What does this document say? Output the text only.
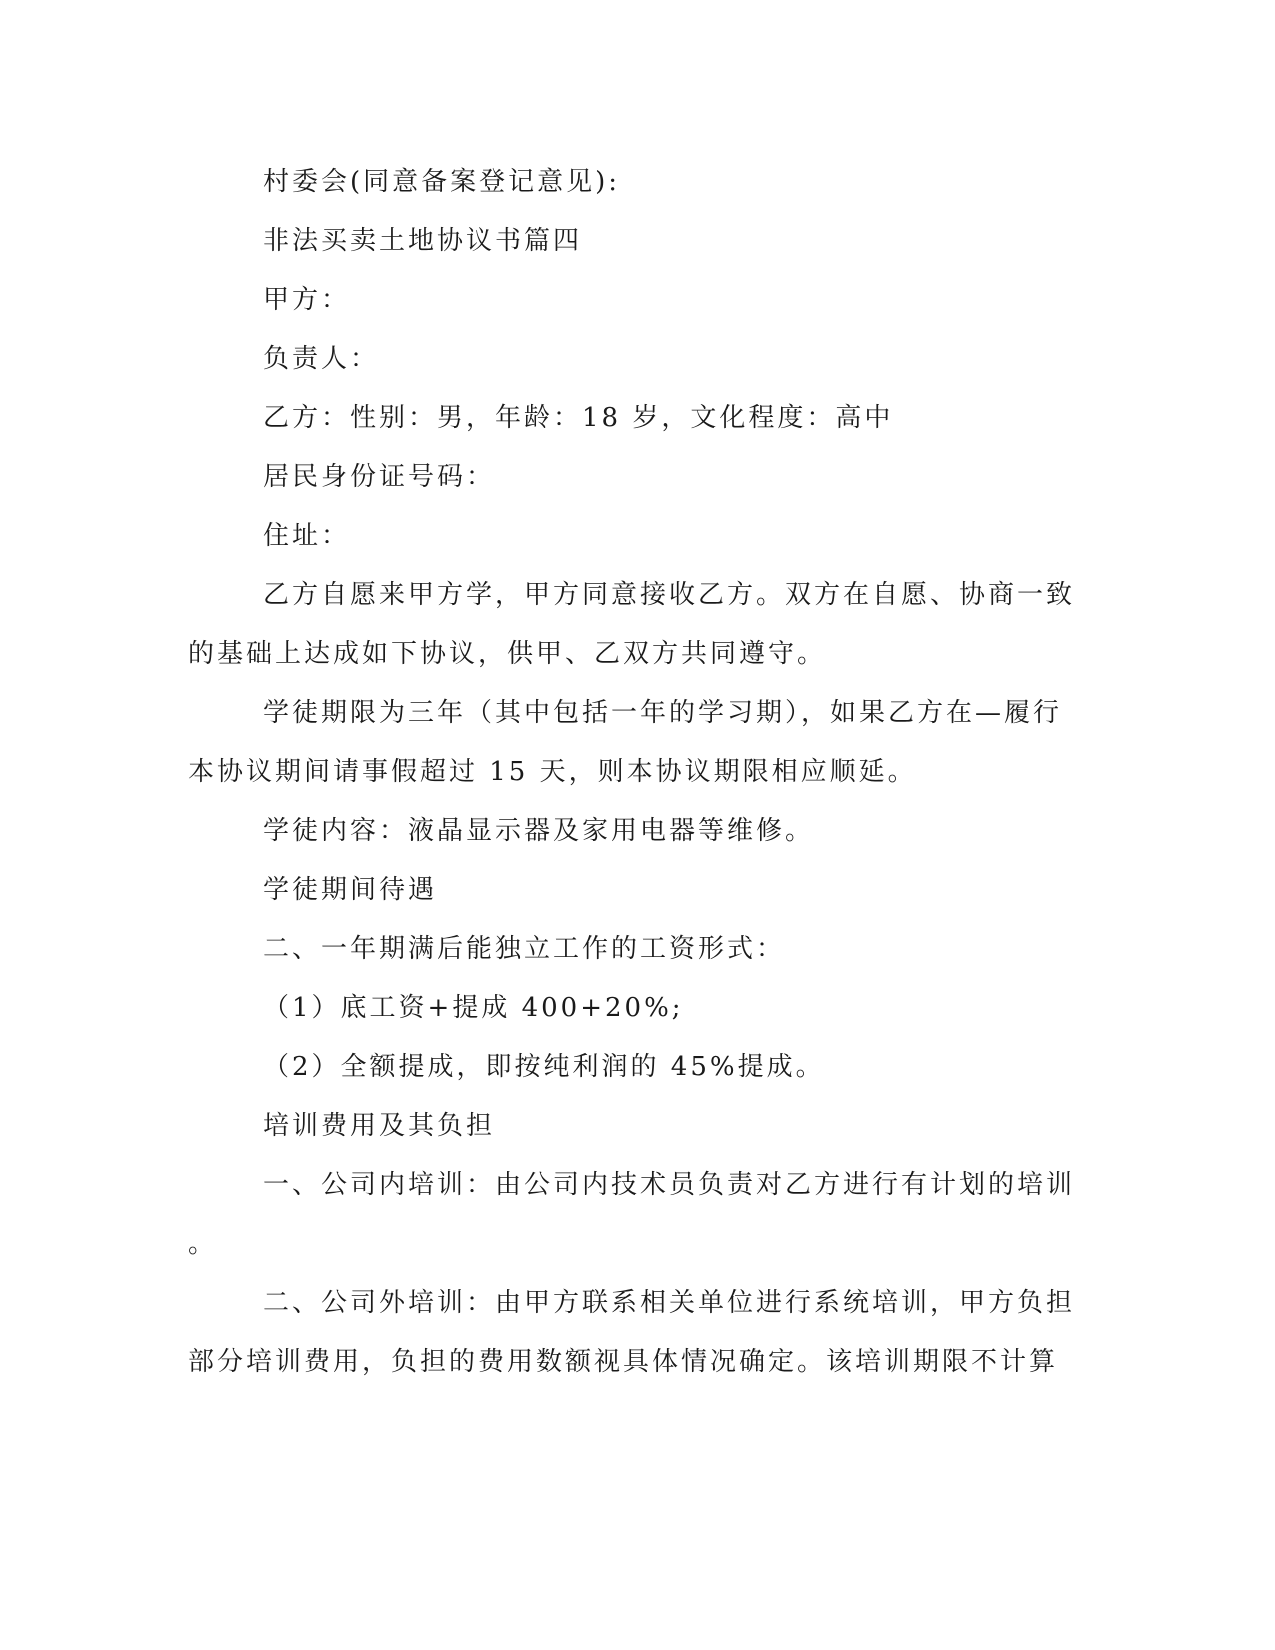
村委会(同意备案登记意见):
非法买卖土地协议书篇四
甲方：
负责人：
乙方：性别：男，年龄：18 岁，文化程度：高中
居民身份证号码：
住址：
乙方自愿来甲方学，甲方同意接收乙方。双方在自愿、协商一致
的基础上达成如下协议，供甲、乙双方共同遵守。
学徒期限为三年（其中包括一年的学习期），如果乙方在—履行
本协议期间请事假超过 15 天，则本协议期限相应顺延。
学徒内容：液晶显示器及家用电器等维修。
学徒期间待遇
二、一年期满后能独立工作的工资形式：
（1）底工资+提成 400+20%;
（2）全额提成，即按纯利润的 45%提成。
培训费用及其负担
一、公司内培训：由公司内技术员负责对乙方进行有计划的培训
。
二、公司外培训：由甲方联系相关单位进行系统培训，甲方负担
部分培训费用，负担的费用数额视具体情况确定。该培训期限不计算
